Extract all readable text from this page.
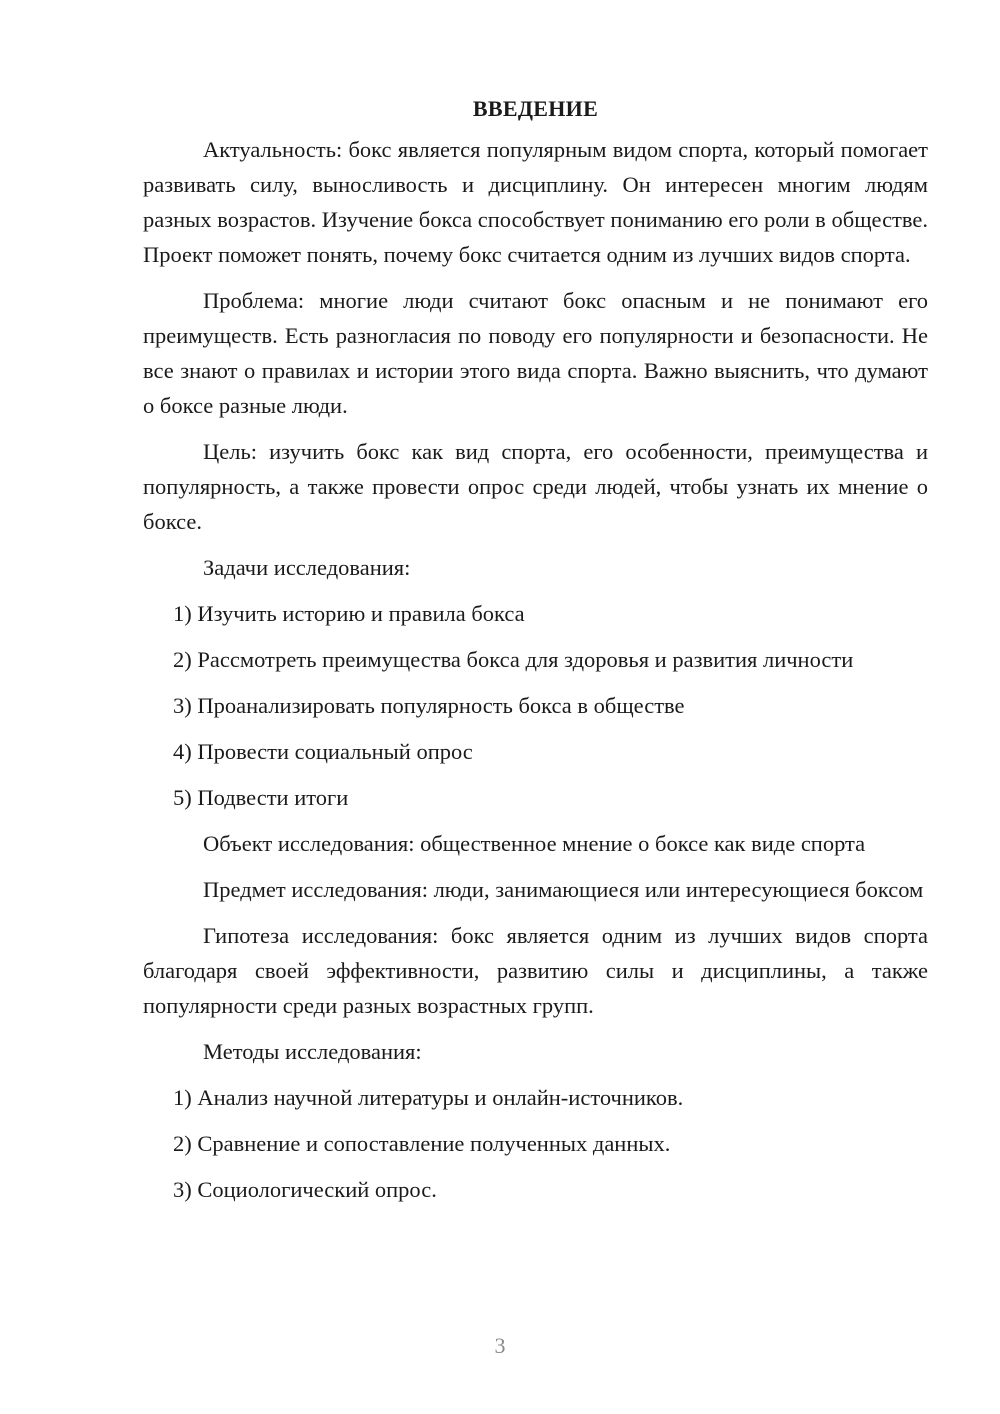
ВВЕДЕНИЕ

Актуальность: бокс является популярным видом спорта, который помогает развивать силу, выносливость и дисциплину. Он интересен многим людям разных возрастов. Изучение бокса способствует пониманию его роли в обществе. Проект поможет понять, почему бокс считается одним из лучших видов спорта.

Проблема: многие люди считают бокс опасным и не понимают его преимуществ. Есть разногласия по поводу его популярности и безопасности. Не все знают о правилах и истории этого вида спорта. Важно выяснить, что думают о боксе разные люди.

Цель: изучить бокс как вид спорта, его особенности, преимущества и популярность, а также провести опрос среди людей, чтобы узнать их мнение о боксе.

Задачи исследования:

1) Изучить историю и правила бокса

2) Рассмотреть преимущества бокса для здоровья и развития личности

3) Проанализировать популярность бокса в обществе

4) Провести социальный опрос

5) Подвести итоги

Объект исследования: общественное мнение о боксе как виде спорта

Предмет исследования: люди, занимающиеся или интересующиеся боксом

Гипотеза исследования: бокс является одним из лучших видов спорта благодаря своей эффективности, развитию силы и дисциплины, а также популярности среди разных возрастных групп.

Методы исследования:

1) Анализ научной литературы и онлайн-источников.

2) Сравнение и сопоставление полученных данных.

3) Социологический опрос.

3
